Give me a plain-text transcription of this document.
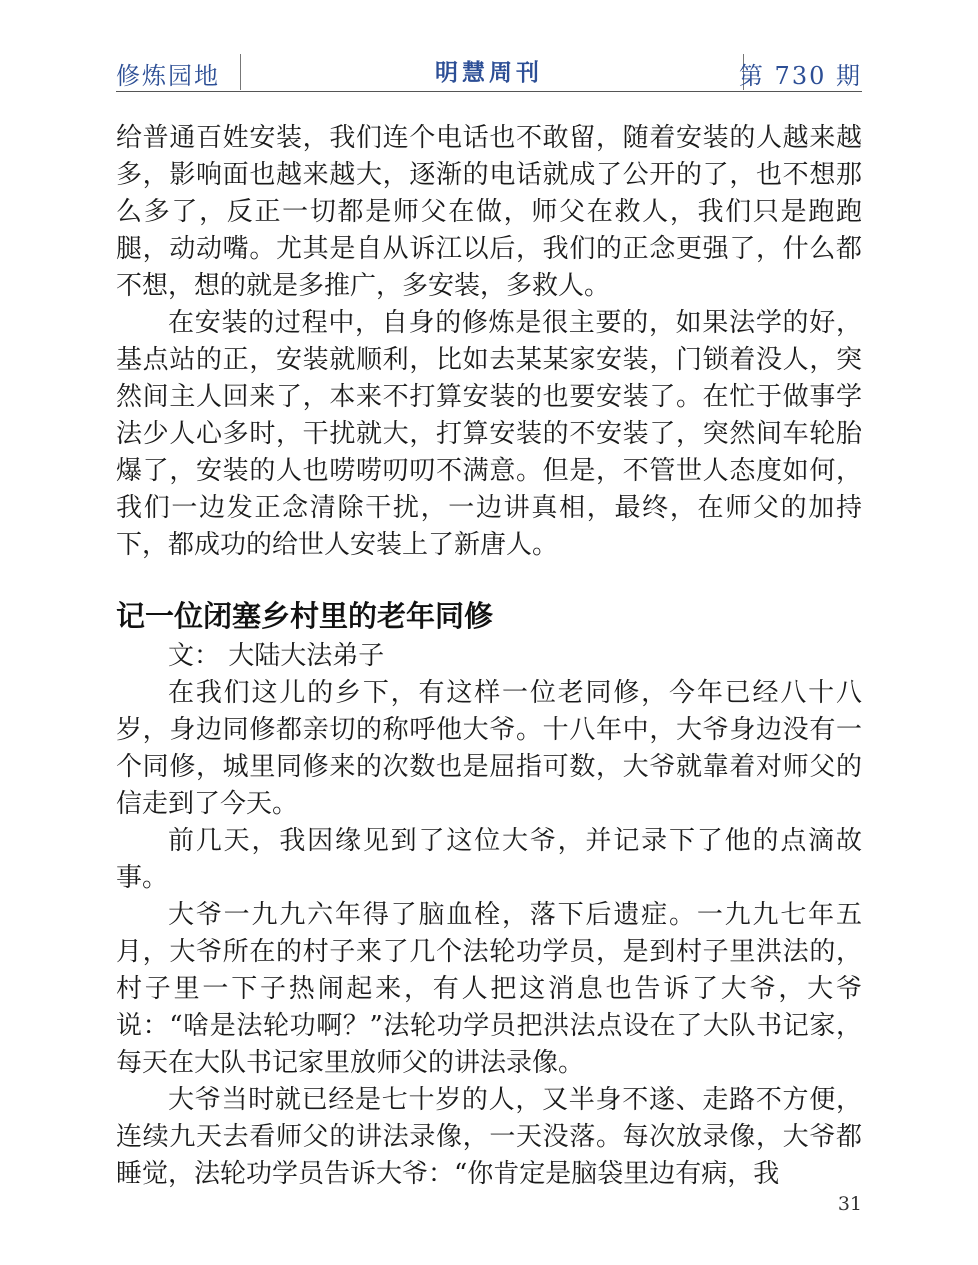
修炼园地	明慧周刊	第 730 期

给普通百姓安装，我们连个电话也不敢留，随着安装的人越来越多，影响面也越来越大，逐渐的电话就成了公开的了，也不想那么多了，反正一切都是师父在做，师父在救人，我们只是跑跑腿，动动嘴。尤其是自从诉江以后，我们的正念更强了，什么都不想，想的就是多推广，多安装，多救人。

在安装的过程中，自身的修炼是很主要的，如果法学的好，基点站的正，安装就顺利，比如去某某家安装，门锁着没人，突然间主人回来了，本来不打算安装的也要安装了。在忙于做事学法少人心多时，干扰就大，打算安装的不安装了，突然间车轮胎爆了，安装的人也唠唠叨叨不满意。但是，不管世人态度如何，我们一边发正念清除干扰，一边讲真相，最终，在师父的加持下，都成功的给世人安装上了新唐人。

记一位闭塞乡村里的老年同修

文： 大陆大法弟子

在我们这儿的乡下，有这样一位老同修，今年已经八十八岁，身边同修都亲切的称呼他大爷。十八年中，大爷身边没有一个同修，城里同修来的次数也是屈指可数，大爷就靠着对师父的信走到了今天。

前几天，我因缘见到了这位大爷，并记录下了他的点滴故事。

大爷一九九六年得了脑血栓，落下后遗症。一九九七年五月，大爷所在的村子来了几个法轮功学员，是到村子里洪法的，村子里一下子热闹起来，有人把这消息也告诉了大爷，大爷说：“啥是法轮功啊？”法轮功学员把洪法点设在了大队书记家，每天在大队书记家里放师父的讲法录像。

大爷当时就已经是七十岁的人，又半身不遂、走路不方便，连续九天去看师父的讲法录像，一天没落。每次放录像，大爷都睡觉，法轮功学员告诉大爷：“你肯定是脑袋里边有病，我

31
